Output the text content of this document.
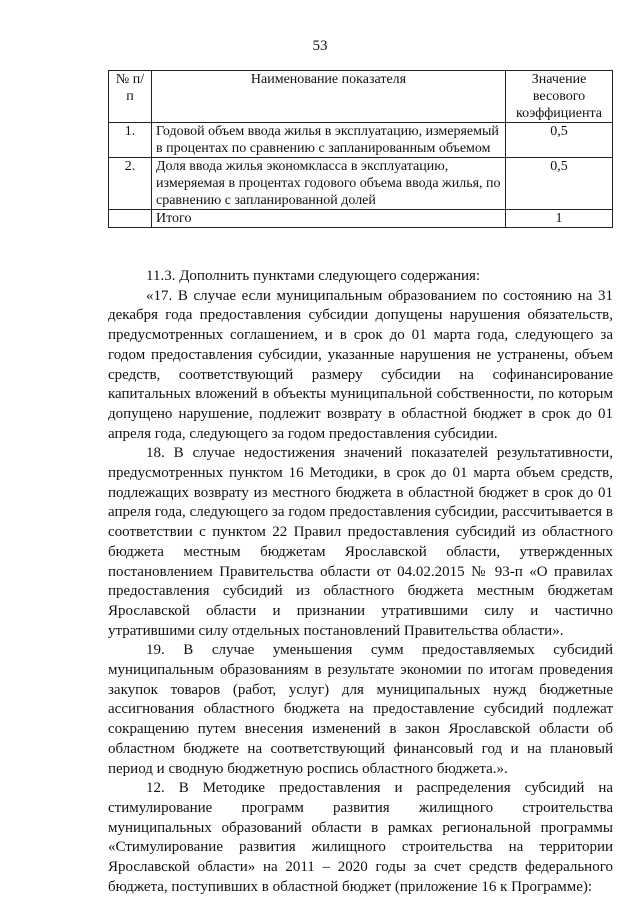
53
№ п/п	Наименование показателя	Значение весового коэффициента
1.	Годовой объем ввода жилья в эксплуатацию, измеряемый в процентах по сравнению с запланированным объемом	0,5
2.	Доля ввода жилья экономкласса в эксплуатацию, измеряемая в процентах годового объема ввода жилья, по сравнению с запланированной долей	0,5
	Итого	1

11.3. Дополнить пунктами следующего содержания:

«17. В случае если муниципальным образованием по состоянию на 31 декабря года предоставления субсидии допущены нарушения обязательств, предусмотренных соглашением, и в срок до 01 марта года, следующего за годом предоставления субсидии, указанные нарушения не устранены, объем средств, соответствующий размеру субсидии на софинансирование капитальных вложений в объекты муниципальной собственности, по которым допущено нарушение, подлежит возврату в областной бюджет в срок до 01 апреля года, следующего за годом предоставления субсидии.

18. В случае недостижения значений показателей результативности, предусмотренных пунктом 16 Методики, в срок до 01 марта объем средств, подлежащих возврату из местного бюджета в областной бюджет в срок до 01 апреля года, следующего за годом предоставления субсидии, рассчитывается в соответствии с пунктом 22 Правил предоставления субсидий из областного бюджета местным бюджетам Ярославской области, утвержденных постановлением Правительства области от 04.02.2015 № 93-п «О правилах предоставления субсидий из областного бюджета местным бюджетам Ярославской области и признании утратившими силу и частично утратившими силу отдельных постановлений Правительства области».

19. В случае уменьшения сумм предоставляемых субсидий муниципальным образованиям в результате экономии по итогам проведения закупок товаров (работ, услуг) для муниципальных нужд бюджетные ассигнования областного бюджета на предоставление субсидий подлежат сокращению путем внесения изменений в закон Ярославской области об областном бюджете на соответствующий финансовый год и на плановый период и сводную бюджетную роспись областного бюджета.».

12. В Методике предоставления и распределения субсидий на стимулирование программ развития жилищного строительства муниципальных образований области в рамках региональной программы «Стимулирование развития жилищного строительства на территории Ярославской области» на 2011 – 2020 годы за счет средств федерального бюджета, поступивших в областной бюджет (приложение 16 к Программе):
